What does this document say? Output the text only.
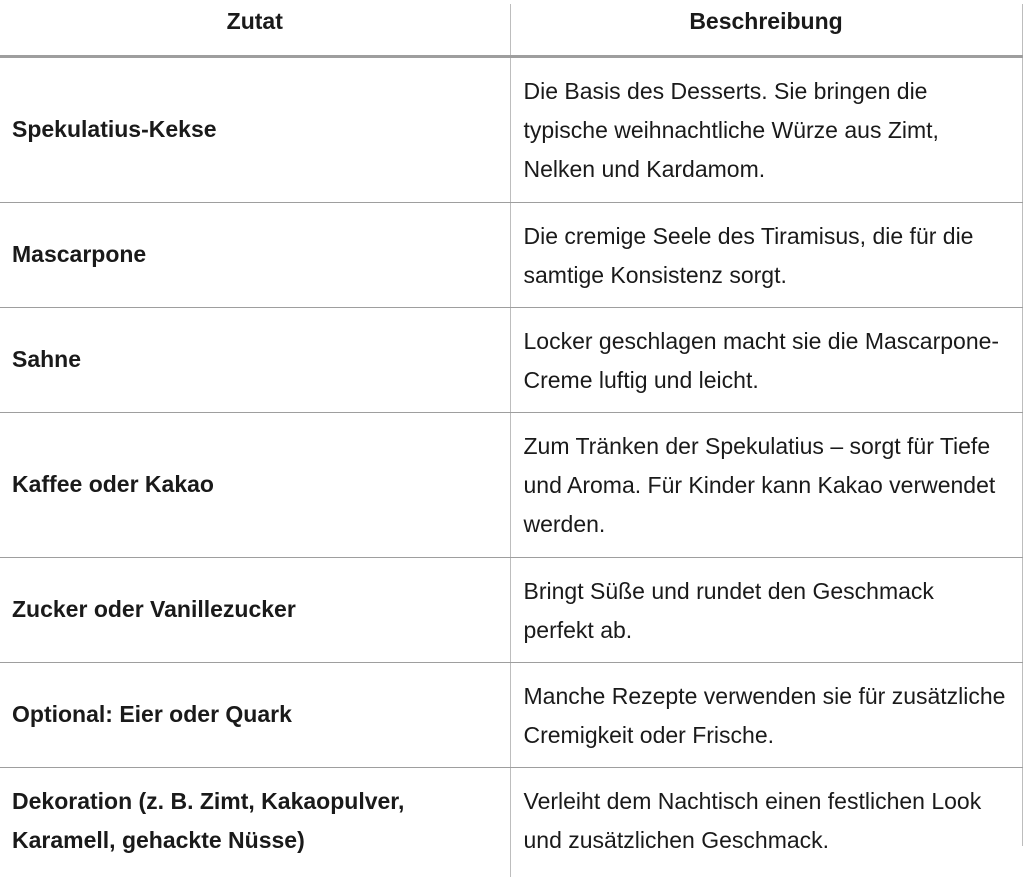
Zutat	Beschreibung
Spekulatius-Kekse	Die Basis des Desserts. Sie bringen die typische weihnachtliche Würze aus Zimt, Nelken und Kardamom.
Mascarpone	Die cremige Seele des Tiramisus, die für die samtige Konsistenz sorgt.
Sahne	Locker geschlagen macht sie die Mascarpone-Creme luftig und leicht.
Kaffee oder Kakao	Zum Tränken der Spekulatius – sorgt für Tiefe und Aroma. Für Kinder kann Kakao verwendet werden.
Zucker oder Vanillezucker	Bringt Süße und rundet den Geschmack perfekt ab.
Optional: Eier oder Quark	Manche Rezepte verwenden sie für zusätzliche Cremigkeit oder Frische.
Dekoration (z. B. Zimt, Kakaopulver, Karamell, gehackte Nüsse)	Verleiht dem Nachtisch einen festlichen Look und zusätzlichen Geschmack.
